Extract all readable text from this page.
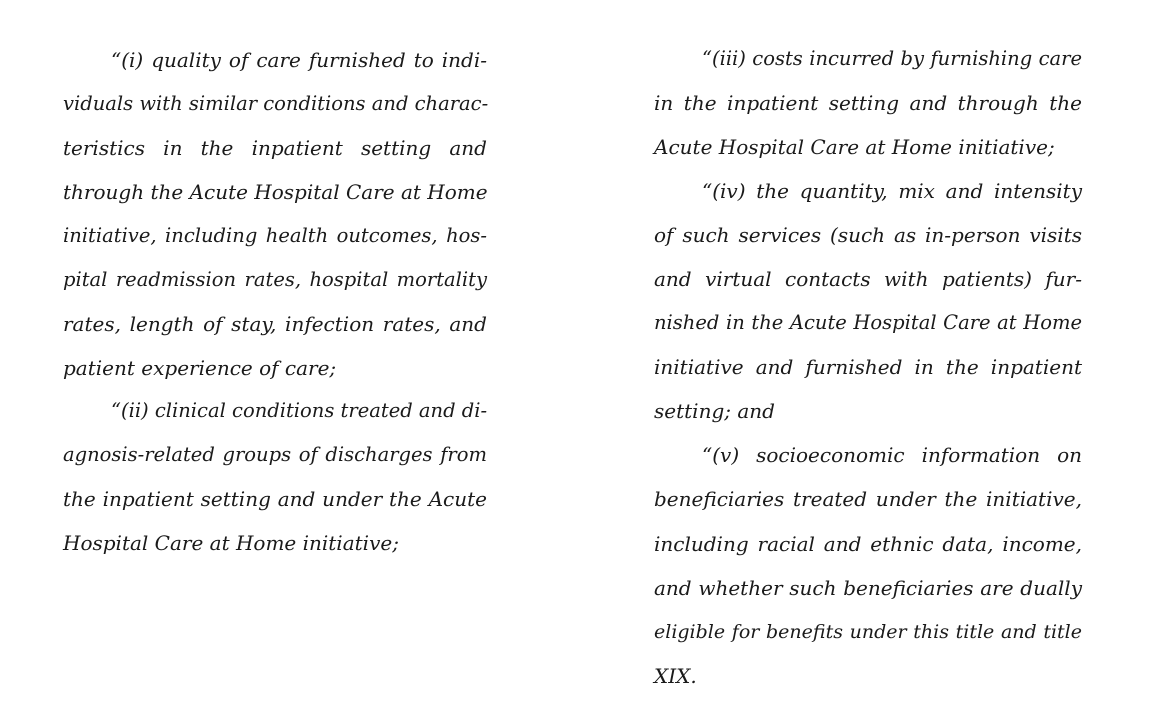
“(i) quality of care furnished to indi-
viduals with similar conditions and charac-
teristics in the inpatient setting and
through the Acute Hospital Care at Home
initiative, including health outcomes, hos-
pital readmission rates, hospital mortality
rates, length of stay, infection rates, and
patient experience of care;
“(ii) clinical conditions treated and di-
agnosis-related groups of discharges from
the inpatient setting and under the Acute
Hospital Care at Home initiative;
“(iii) costs incurred by furnishing care
in the inpatient setting and through the
Acute Hospital Care at Home initiative;
“(iv) the quantity, mix and intensity
of such services (such as in-person visits
and virtual contacts with patients) fur-
nished in the Acute Hospital Care at Home
initiative and furnished in the inpatient
setting; and
“(v) socioeconomic information on
beneficiaries treated under the initiative,
including racial and ethnic data, income,
and whether such beneficiaries are dually
eligible for benefits under this title and title
XIX.
